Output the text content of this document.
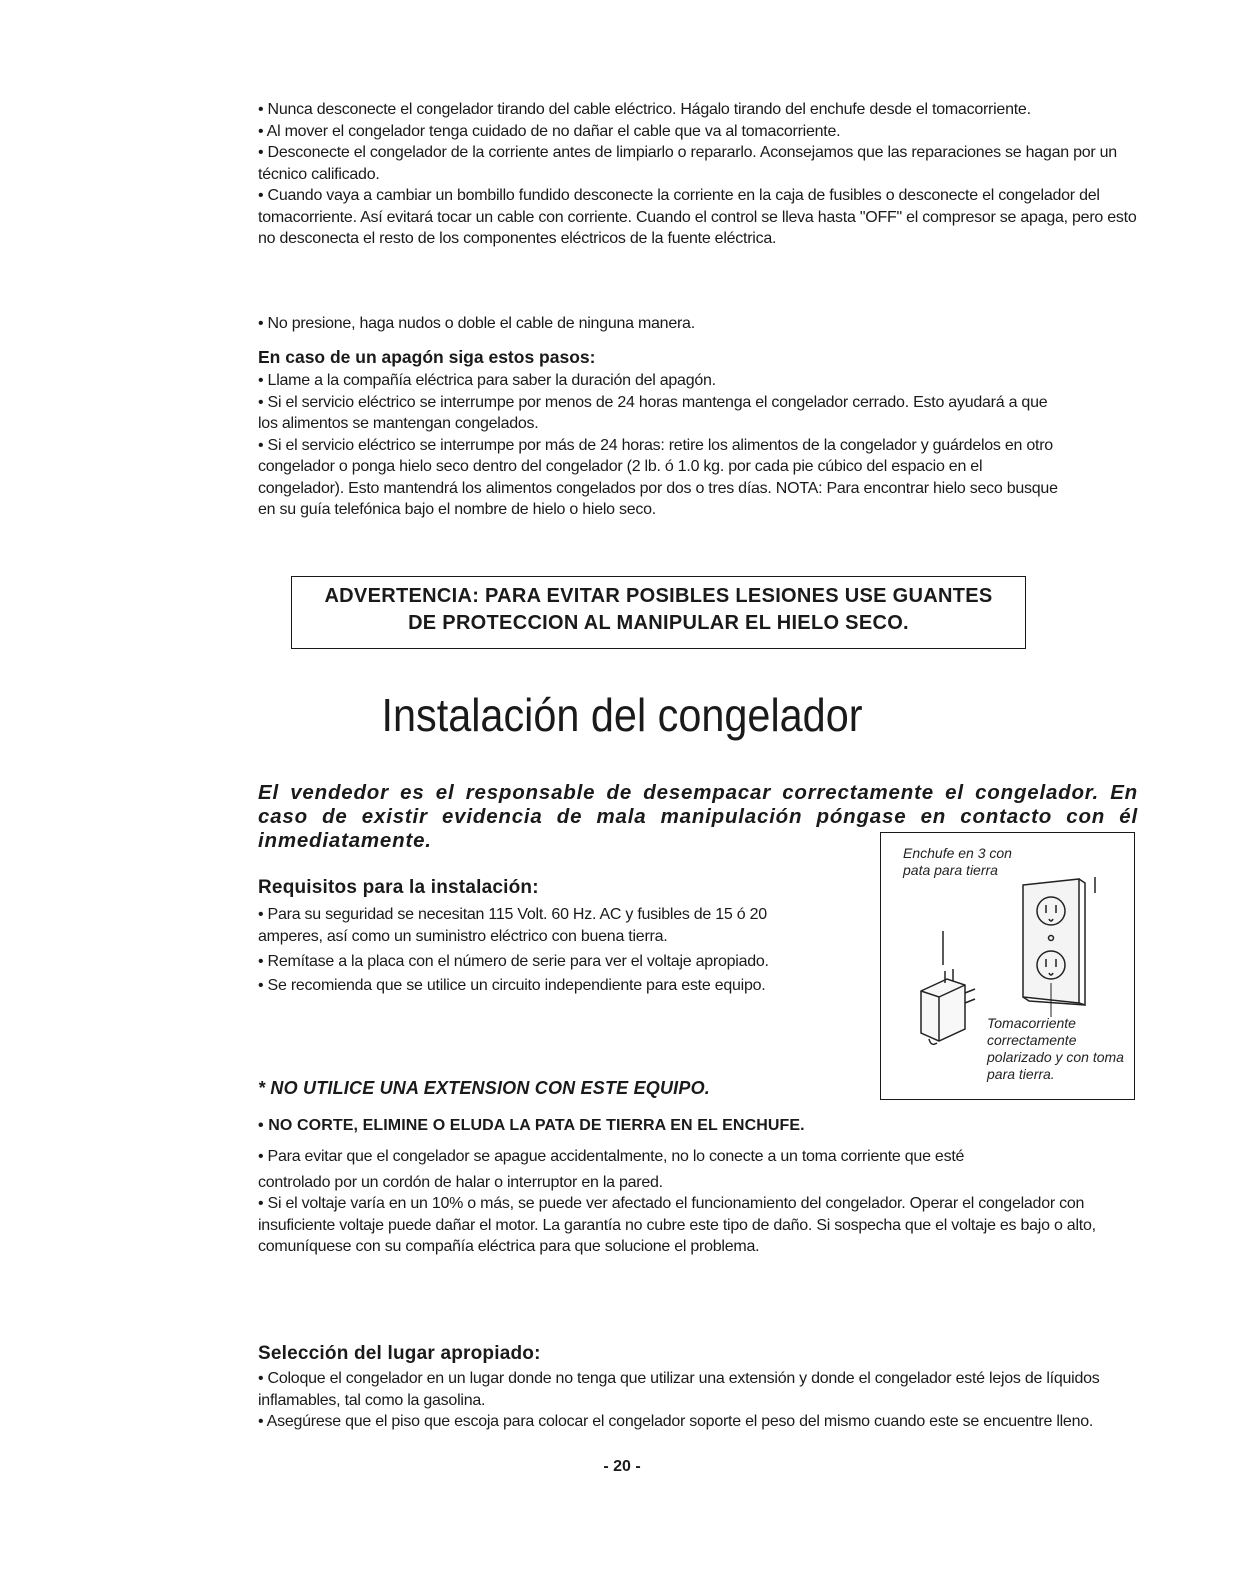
• Nunca desconecte el congelador tirando del cable eléctrico. Hágalo tirando del enchufe desde el tomacorriente.

• Al mover el congelador tenga cuidado de no dañar el cable que va al tomacorriente.

• Desconecte el congelador de la corriente antes de limpiarlo o repararlo. Aconsejamos que las reparaciones se hagan por un técnico calificado.

• Cuando vaya a cambiar un bombillo fundido desconecte la corriente en la caja de fusibles o desconecte el congelador del tomacorriente. Así evitará tocar un cable con corriente. Cuando el control se lleva hasta "OFF" el compresor se apaga, pero esto no desconecta el resto de los componentes eléctricos de la fuente eléctrica.

• No presione, haga nudos o doble el cable de ninguna manera.

En caso de un apagón siga estos pasos:

• Llame a la compañía eléctrica para saber la duración del apagón.

• Si el servicio eléctrico se interrumpe por menos de 24 horas mantenga el congelador cerrado. Esto ayudará a que los alimentos se mantengan congelados.

• Si el servicio eléctrico se interrumpe por más de 24 horas: retire los alimentos de la congelador y guárdelos en otro congelador o ponga hielo seco dentro del congelador (2 lb. ó 1.0 kg. por cada pie cúbico del espacio en el congelador). Esto mantendrá los alimentos congelados por dos o tres días. NOTA: Para encontrar hielo seco busque en su guía telefónica bajo el nombre de hielo o hielo seco.

ADVERTENCIA: PARA EVITAR POSIBLES LESIONES USE GUANTES
DE PROTECCION AL MANIPULAR EL HIELO SECO.
Instalación del congelador

El vendedor es el responsable de desempacar correctamente el congelador. En caso de existir evidencia de mala manipulación póngase en contacto con él inmediatamente.

Enchufe en 3 con pata para tierra
Tomacorriente correctamente polarizado y con toma para tierra.

Requisitos para la instalación:

• Para su seguridad se necesitan 115 Volt. 60 Hz. AC y fusibles de 15 ó 20 amperes, así como un suministro eléctrico con buena tierra.

• Remítase a la placa con el número de serie para ver el voltaje apropiado.

• Se recomienda que se utilice un circuito independiente para este equipo.

* NO UTILICE UNA EXTENSION CON ESTE EQUIPO.

• NO CORTE, ELIMINE O ELUDA LA PATA DE TIERRA EN EL ENCHUFE.

• Para evitar que el congelador se apague accidentalmente, no lo conecte a un toma corriente que esté

controlado por un cordón de halar o interruptor en la pared.

• Si el voltaje varía en un 10% o más, se puede ver afectado el funcionamiento del congelador. Operar el congelador con insuficiente voltaje puede dañar el motor. La garantía no cubre este tipo de daño. Si sospecha que el voltaje es bajo o alto, comuníquese con su compañía eléctrica para que solucione el problema.

Selección del lugar apropiado:

• Coloque el congelador en un lugar donde no tenga que utilizar una extensión y donde el congelador esté lejos de líquidos inflamables, tal como la gasolina.

• Asegúrese que el piso que escoja para colocar el congelador soporte el peso del mismo cuando este se encuentre lleno.

- 20 -
